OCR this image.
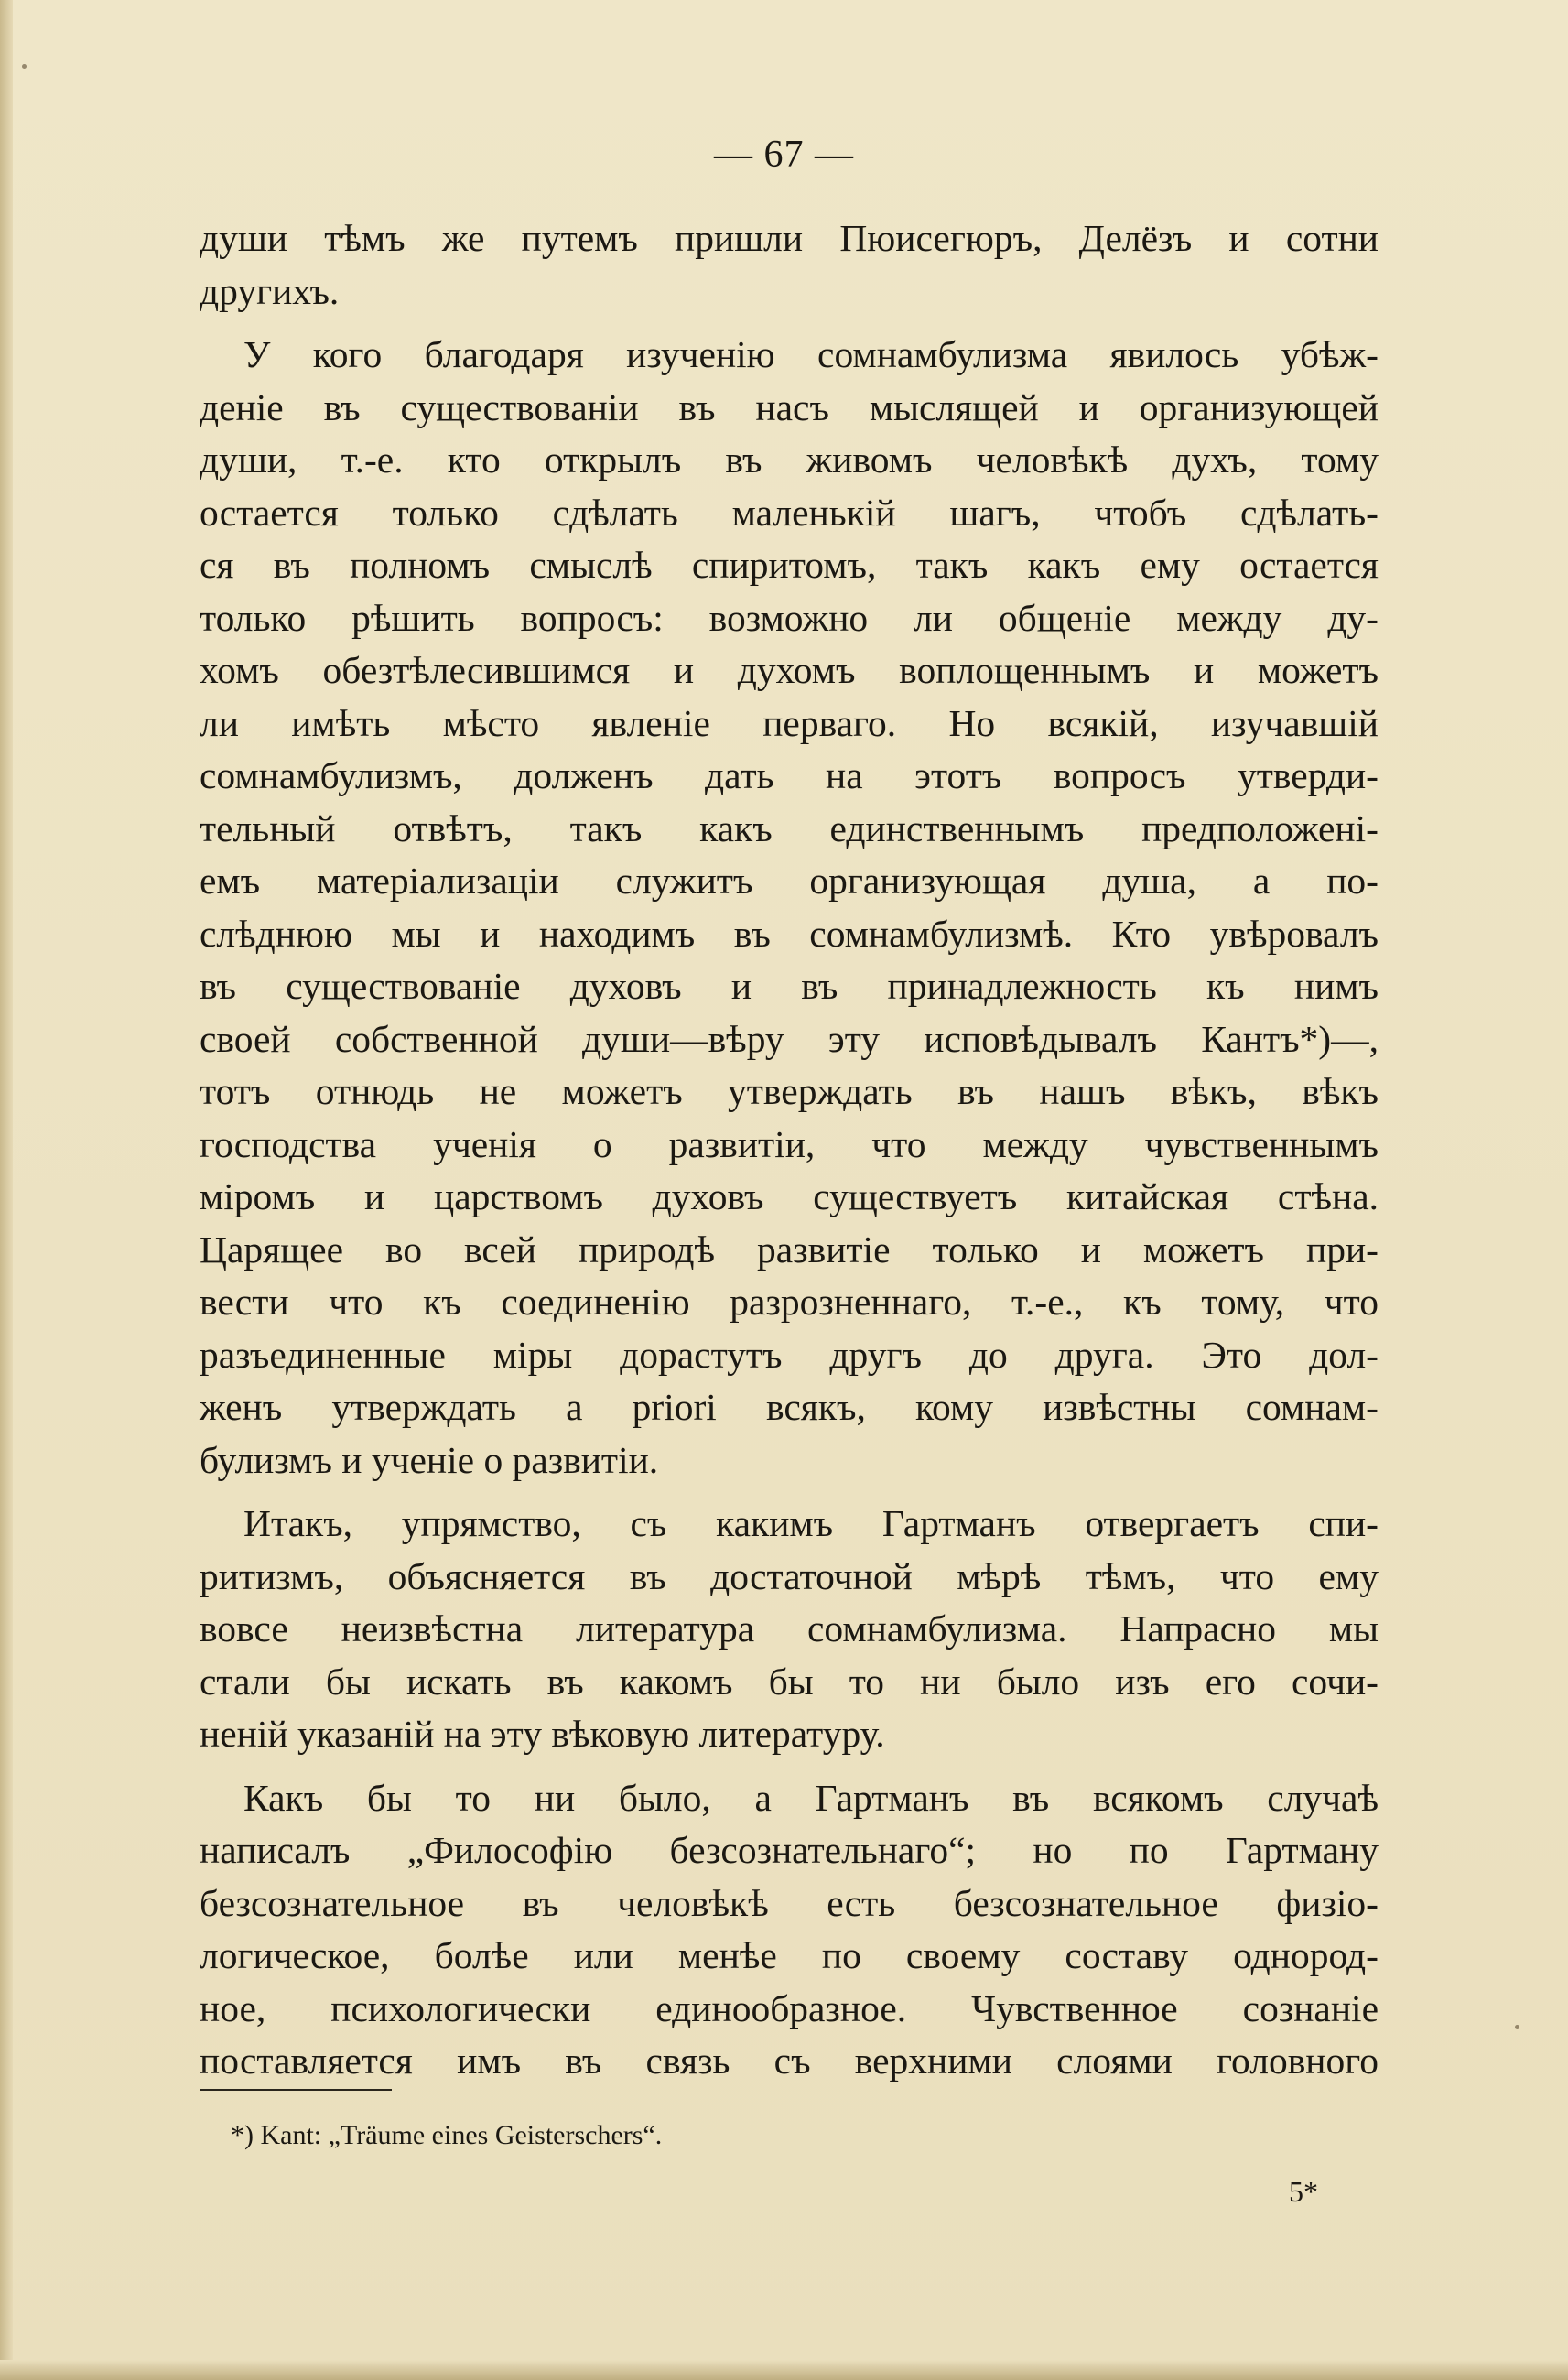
— 67 —
души тѣмъ же путемъ пришли Пюисегюръ, Делёзъ и сотни
другихъ.
У кого благодаря изученію сомнамбулизма явилось убѣж-
деніе въ существованіи въ насъ мыслящей и организующей
души, т.-е. кто открылъ въ живомъ человѣкѣ духъ, тому
остается только сдѣлать маленькій шагъ, чтобъ сдѣлать-
ся въ полномъ смыслѣ спиритомъ, такъ какъ ему остается
только рѣшить вопросъ: возможно ли общеніе между ду-
хомъ обезтѣлесившимся и духомъ воплощеннымъ и можетъ
ли имѣть мѣсто явленіе перваго. Но всякій, изучавшій
сомнамбулизмъ, долженъ дать на этотъ вопросъ утверди-
тельный отвѣтъ, такъ какъ единственнымъ предположені-
емъ матеріализаціи служитъ организующая душа, а по-
слѣднюю мы и находимъ въ сомнамбулизмѣ. Кто увѣровалъ
въ существованіе духовъ и въ принадлежность къ нимъ
своей собственной души—вѣру эту исповѣдывалъ Кантъ*)—,
тотъ отнюдь не можетъ утверждать въ нашъ вѣкъ, вѣкъ
господства ученія о развитіи, что между чувственнымъ
міромъ и царствомъ духовъ существуетъ китайская стѣна.
Царящее во всей природѣ развитіе только и можетъ при-
вести что къ соединенію разрозненнаго, т.-е., къ тому, что
разъединенные міры дорастутъ другъ до друга. Это дол-
женъ утверждать a priori всякъ, кому извѣстны сомнам-
булизмъ и ученіе о развитіи.
Итакъ, упрямство, съ какимъ Гартманъ отвергаетъ спи-
ритизмъ, объясняется въ достаточной мѣрѣ тѣмъ, что ему
вовсе неизвѣстна литература сомнамбулизма. Напрасно мы
стали бы искать въ какомъ бы то ни было изъ его сочи-
неній указаній на эту вѣковую литературу.
Какъ бы то ни было, а Гартманъ въ всякомъ случаѣ
написалъ „Философію безсознательнаго“; но по Гартману
безсознательное въ человѣкѣ есть безсознательное физіо-
логическое, болѣе или менѣе по своему составу однород-
ное, психологически единообразное. Чувственное сознаніе
поставляется имъ въ связь съ верхними слоями головного
*) Kant: „Träume eines Geisterschers“.
5*
